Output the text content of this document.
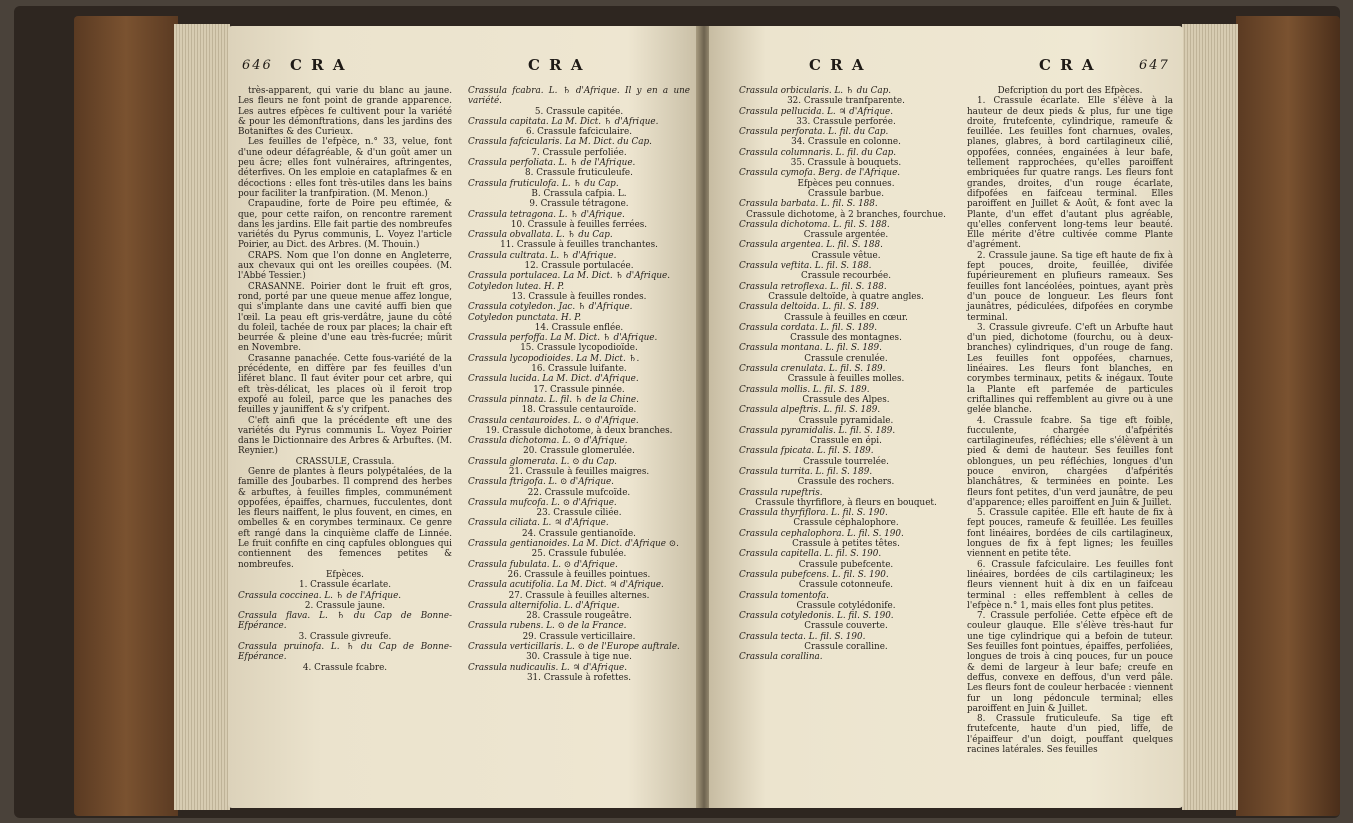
646 C R A	C R A

très-apparent, qui varie du blanc au jaune. Les fleurs ne font point de grande apparence. Les autres efpèces fe cultivent pour la variété & pour les démonftrations, dans les jardins des Botaniftes & des Curieux.

Les feuilles de l'efpèce, n.° 33, velue, font d'une odeur défagréable, & d'un goût amer un peu âcre; elles font vulnéraires, aftringentes, déterfives. On les emploie en cataplafmes & en décoctions : elles font très-utiles dans les bains pour faciliter la tranfpiration. (M. Menon.)

Crapaudine, forte de Poire peu eftimée, & que, pour cette raifon, on rencontre rarement dans les jardins. Elle fait partie des nombreufes variétés du Pyrus communis, L. Voyez l'article Poirier, au Dict. des Arbres. (M. Thouin.)

CRAPS. Nom que l'on donne en Angleterre, aux chevaux qui ont les oreilles coupées. (M. l'Abbé Tessier.)

CRASANNE. Poirier dont le fruit eft gros, rond, porté par une queue menue affez longue, qui s'implante dans une cavité auffi bien que l'œil. La peau eft gris-verdâtre, jaune du côté du foleil, tachée de roux par places; la chair eft beurrée & pleine d'une eau très-fucrée; mûrit en Novembre.

Crasanne panachée. Cette fous-variété de la précédente, en diffère par fes feuilles d'un liféret blanc. Il faut éviter pour cet arbre, qui eft très-délicat, les places où il feroit trop expofé au foleil, parce que les panaches des feuilles y jauniffent & s'y crifpent.

C'eft ainfi que la précédente eft une des variétés du Pyrus communis L. Voyez Poirier dans le Dictionnaire des Arbres & Arbuftes. (M. Reynier.)

CRASSULE, Crassula.

Genre de plantes à fleurs polypétalées, de la famille des Joubarbes. Il comprend des herbes & arbuftes, à feuilles fimples, communément oppofées, épaiffes, charnues, fucculentes, dont les fleurs naiffent, le plus fouvent, en cimes, en ombelles & en corymbes terminaux. Ce genre eft rangé dans la cinquième claffe de Linnée. Le fruit confifte en cinq capfules oblongues qui contiennent des femences petites & nombreufes.

Efpèces.

1. Crassule écarlate.

Crassula coccinea. L. ♄ de l'Afrique.

2. Crassule jaune.

Crassula flava. L. ♄ du Cap de Bonne-Efpérance.

3. Crassule givreufe.

Crassula pruinofa. L. ♄ du Cap de Bonne-Efpérance.

4. Crassule fcabre.

Crassula fcabra. L. ♄ d'Afrique. Il y en a une variété.

5. Crassule capitée.

Crassula capitata. La M. Dict. ♄ d'Afrique.

6. Crassule fafciculaire.

Crassula fafcicularis. La M. Dict. du Cap.

7. Crassule perfoliée.

Crassula perfoliata. L. ♄ de l'Afrique.

8. Crassule fruticuleufe.

Crassula fruticulofa. L. ♄ du Cap.

B. Crassula cafpia. L.

9. Crassule tétragone.

Crassula tetragona. L. ♄ d'Afrique.

10. Crassule à feuilles ferrées.

Crassula obvallata. L. ♄ du Cap.

11. Crassule à feuilles tranchantes.

Crassula cultrata. L. ♄ d'Afrique.

12. Crassule portulacée.

Crassula portulacea. La M. Dict. ♄ d'Afrique.

Cotyledon lutea. H. P.

13. Crassule à feuilles rondes.

Crassula cotyledon. Jac. ♄ d'Afrique.

Cotyledon punctata. H. P.

14. Crassule enflée.

Crassula perfoffa. La M. Dict. ♄ d'Afrique.

15. Crassule lycopodioïde.

Crassula lycopodioides. La M. Dict. ♄.

16. Crassule luifante.

Crassula lucida. La M. Dict. d'Afrique.

17. Crassule pinnée.

Crassula pinnata. L. fil. ♄ de la Chine.

18. Crassule centauroïde.

Crassula centauroides. L. ⊙ d'Afrique.

19. Crassule dichotome, à deux branches.

Crassula dichotoma. L. ⊙ d'Afrique.

20. Crassule glomerulée.

Crassula glomerata. L. ⊙ du Cap.

21. Crassule à feuilles maigres.

Crassula ftrigofa. L. ⊙ d'Afrique.

22. Crassule mufcoïde.

Crassula mufcofa. L. ⊙ d'Afrique.

23. Crassule ciliée.

Crassula ciliata. L. ♃ d'Afrique.

24. Crassule gentianoïde.

Crassula gentianoides. La M. Dict. d'Afrique ⊙.

25. Crassule fubulée.

Crassula fubulata. L. ⊙ d'Afrique.

26. Crassule à feuilles pointues.

Crassula acutifolia. La M. Dict. ♃ d'Afrique.

27. Crassule à feuilles alternes.

Crassula alternifolia. L. d'Afrique.

28. Crassule rougeâtre.

Crassula rubens. L. ⊙ de la France.

29. Crassule verticillaire.

Crassula verticillaris. L. ⊙ de l'Europe auftrale.

30. Crassule à tige nue.

Crassula nudicaulis. L. ♃ d'Afrique.

31. Crassule à rofettes.

C R A	C R A	647

Crassula orbicularis. L. ♄ du Cap.

32. Crassule tranfparente.

Crassula pellucida. L. ♃ d'Afrique.

33. Crassule perforée.

Crassula perforata. L. fil. du Cap.

34. Crassule en colonne.

Crassula columnaris. L. fil. du Cap.

35. Crassule à bouquets.

Crassula cymofa. Berg. de l'Afrique.

Efpèces peu connues.

Crassule barbue.

Crassula barbata. L. fil. S. 188.

Crassule dichotome, à 2 branches, fourchue.

Crassula dichotoma. L. fil. S. 188.

Crassule argentée.

Crassula argentea. L. fil. S. 188.

Crassule vêtue.

Crassula veftita. L. fil. S. 188.

Crassule recourbée.

Crassula retroflexa. L. fil. S. 188.

Crassule deltoïde, à quatre angles.

Crassula deltoida. L. fil. S. 189.

Crassule à feuilles en cœur.

Crassula cordata. L. fil. S. 189.

Crassule des montagnes.

Crassula montana. L. fil. S. 189.

Crassule crenulée.

Crassula crenulata. L. fil. S. 189.

Crassule à feuilles molles.

Crassula mollis. L. fil. S. 189.

Crassule des Alpes.

Crassula alpeftris. L. fil. S. 189.

Crassule pyramidale.

Crassula pyramidalis. L. fil. S. 189.

Crassule en épi.

Crassula fpicata. L. fil. S. 189.

Crassule tourrelée.

Crassula turrita. L. fil. S. 189.

Crassule des rochers.

Crassula rupeftris.

Crassule thyrfiflore, à fleurs en bouquet.

Crassula thyrfiflora. L. fil. S. 190.

Crassule céphalophore.

Crassula cephalophora. L. fil. S. 190.

Crassule à petites têtes.

Crassula capitella. L. fil. S. 190.

Crassule pubefcente.

Crassula pubefcens. L. fil. S. 190.

Crassule cotonneufe.

Crassula tomentofa.

Crassule cotylédonife.

Crassula cotyledonis. L. fil. S. 190.

Crassule couverte.

Crassula tecta. L. fil. S. 190.

Crassule coralline.

Crassula corallina.

Defcription du port des Efpèces.

1. Crassule écarlate. Elle s'élève à la hauteur de deux pieds & plus, fur une tige droite, frutefcente, cylindrique, rameufe & feuillée. Les feuilles font charnues, ovales, planes, glabres, à bord cartilagineux cilié, oppofées, connées, engainées à leur bafe, tellement rapprochées, qu'elles paroiffent embriquées fur quatre rangs. Les fleurs font grandes, droites, d'un rouge écarlate, difpofées en faifceau terminal. Elles paroiffent en Juillet & Août, & font avec la Plante, d'un effet d'autant plus agréable, qu'elles confervent long-tems leur beauté. Elle mérite d'être cultivée comme Plante d'agrément.

2. Crassule jaune. Sa tige eft haute de fix à fept pouces, droite, feuillée, divifée fupérieurement en plufieurs rameaux. Ses feuilles font lancéolées, pointues, ayant près d'un pouce de longueur. Les fleurs font jaunâtres, pédiculées, difpofées en corymbe terminal.

3. Crassule givreufe. C'eft un Arbufte haut d'un pied, dichotome (fourchu, ou à deux-branches) cylindriques, d'un rouge de fang. Les feuilles font oppofées, charnues, linéaires. Les fleurs font blanches, en corymbes terminaux, petits & inégaux. Toute la Plante eft parfemée de particules criftallines qui reffemblent au givre ou à une gelée blanche.

4. Crassule fcabre. Sa tige eft foible, fucculente, chargée d'afpérités cartilagineufes, réfléchies; elle s'élèvent à un pied & demi de hauteur. Ses feuilles font oblongues, un peu réfléchies, longues d'un pouce environ, chargées d'afpérités blanchâtres, & terminées en pointe. Les fleurs font petites, d'un verd jaunâtre, de peu d'apparence; elles paroiffent en Juin & Juillet.

5. Crassule capitée. Elle eft haute de fix à fept pouces, rameufe & feuillée. Les feuilles font linéaires, bordées de cils cartilagineux, longues de fix à fept lignes; les feuilles viennent en petite tête.

6. Crassule fafciculaire. Les feuilles font linéaires, bordées de cils cartilagineux; les fleurs viennent huit à dix en un faifceau terminal : elles reffemblent à celles de l'efpèce n.° 1, mais elles font plus petites.

7. Crassule perfoliée. Cette efpèce eft de couleur glauque. Elle s'élève très-haut fur une tige cylindrique qui a befoin de tuteur. Ses feuilles font pointues, épaiffes, perfoliées, longues de trois à cinq pouces, fur un pouce & demi de largeur à leur bafe; creufe en deffus, convexe en deffous, d'un verd pâle. Les fleurs font de couleur herbacée : viennent fur un long pédoncule terminal; elles paroiffent en Juin & Juillet.

8. Crassule fruticuleufe. Sa tige eft frutefcente, haute d'un pied, liffe, de l'épaiffeur d'un doigt, pouffant quelques racines latérales. Ses feuilles
